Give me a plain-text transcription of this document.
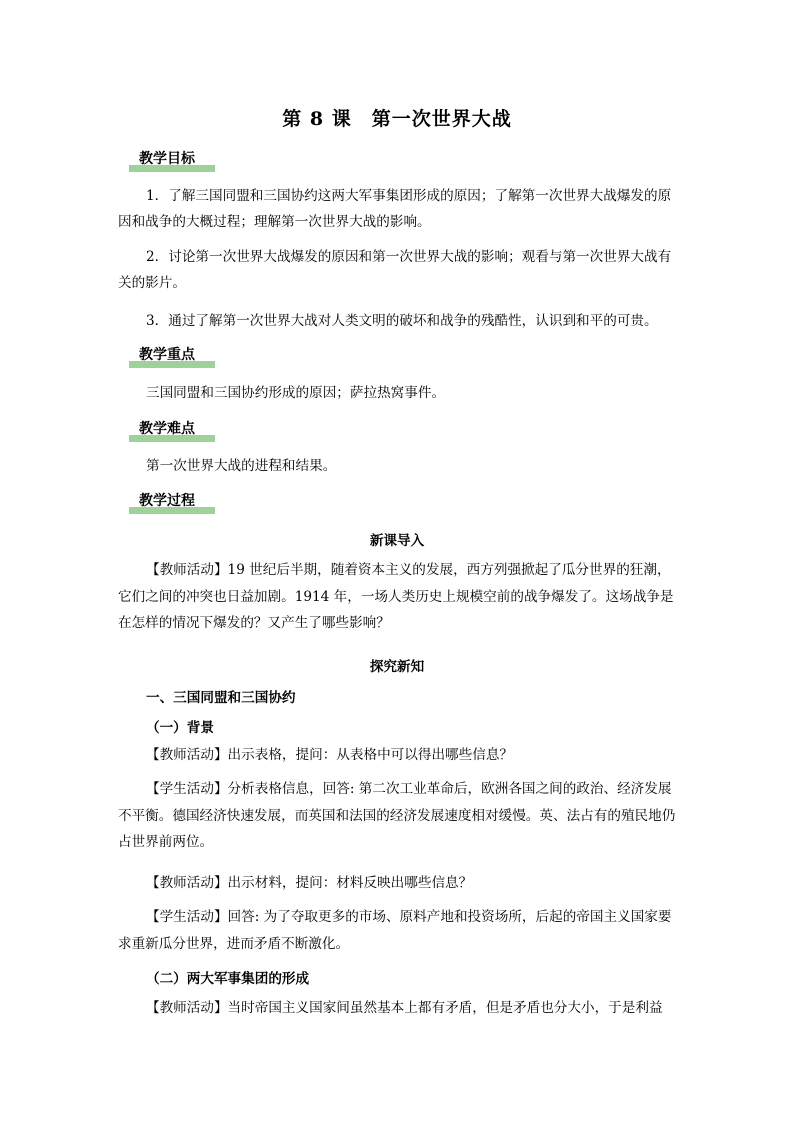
第 8 课　第一次世界大战
教学目标
1．了解三国同盟和三国协约这两大军事集团形成的原因；了解第一次世界大战爆发的原因和战争的大概过程；理解第一次世界大战的影响。
2．讨论第一次世界大战爆发的原因和第一次世界大战的影响；观看与第一次世界大战有关的影片。
3．通过了解第一次世界大战对人类文明的破坏和战争的残酷性，认识到和平的可贵。
教学重点
三国同盟和三国协约形成的原因；萨拉热窝事件。
教学难点
第一次世界大战的进程和结果。
教学过程
新课导入
【教师活动】19 世纪后半期，随着资本主义的发展，西方列强掀起了瓜分世界的狂潮，它们之间的冲突也日益加剧。1914 年，一场人类历史上规模空前的战争爆发了。这场战争是在怎样的情况下爆发的？又产生了哪些影响？
探究新知
一、三国同盟和三国协约
（一）背景
【教师活动】出示表格，提问：从表格中可以得出哪些信息？
【学生活动】分析表格信息，回答: 第二次工业革命后，欧洲各国之间的政治、经济发展不平衡。德国经济快速发展，而英国和法国的经济发展速度相对缓慢。英、法占有的殖民地仍占世界前两位。
【教师活动】出示材料，提问：材料反映出哪些信息？
【学生活动】回答: 为了夺取更多的市场、原料产地和投资场所，后起的帝国主义国家要求重新瓜分世界，进而矛盾不断激化。
（二）两大军事集团的形成
【教师活动】当时帝国主义国家间虽然基本上都有矛盾，但是矛盾也分大小，于是利益
